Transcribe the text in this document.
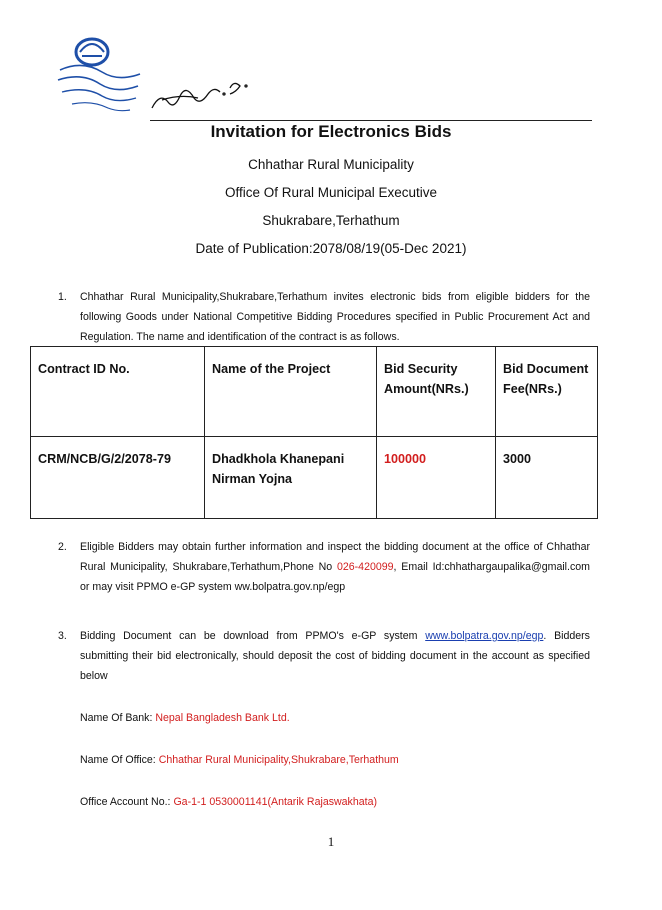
Invitation for Electronics Bids
Chhathar Rural Municipality
Office Of Rural Municipal Executive
Shukrabare,Terhathum
Date of Publication:2078/08/19(05-Dec 2021)
1. Chhathar Rural Municipality,Shukrabare,Terhathum invites electronic bids from eligible bidders for the following Goods under National Competitive Bidding Procedures specified in Public Procurement Act and Regulation. The name and identification of the contract is as follows.
Contract ID No.	Name of the Project	Bid Security Amount(NRs.)	Bid Document Fee(NRs.)
CRM/NCB/G/2/2078-79	Dhadkhola Khanepani Nirman Yojna	100000	3000
2. Eligible Bidders may obtain further information and inspect the bidding document at the office of Chhathar Rural Municipality, Shukrabare,Terhathum,Phone No 026-420099, Email Id:chhathargaupalika@gmail.com or may visit PPMO e-GP system ww.bolpatra.gov.np/egp
3. Bidding Document can be download from PPMO's e-GP system www.bolpatra.gov.np/egp. Bidders submitting their bid electronically, should deposit the cost of bidding document in the account as specified below
Name Of Bank: Nepal Bangladesh Bank Ltd.
Name Of Office: Chhathar Rural Municipality,Shukrabare,Terhathum
Office Account No.: Ga-1-1 0530001141(Antarik Rajaswakhata)
1
